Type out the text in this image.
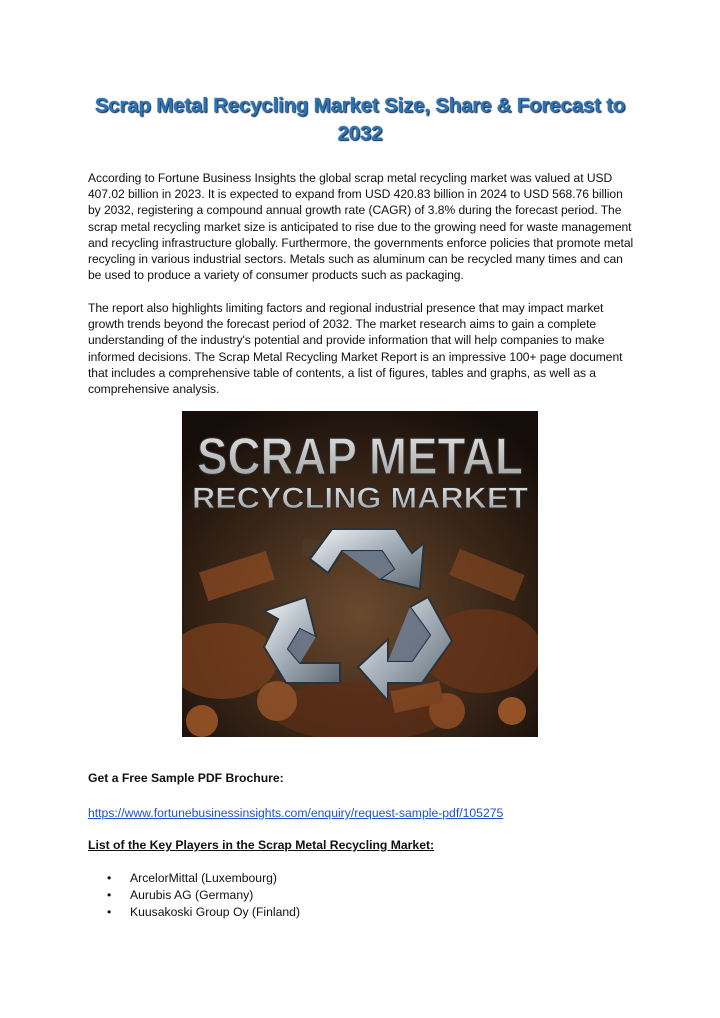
Scrap Metal Recycling Market Size, Share & Forecast to 2032

According to Fortune Business Insights the global scrap metal recycling market was valued at USD 407.02 billion in 2023. It is expected to expand from USD 420.83 billion in 2024 to USD 568.76 billion by 2032, registering a compound annual growth rate (CAGR) of 3.8% during the forecast period. The scrap metal recycling market size is anticipated to rise due to the growing need for waste management and recycling infrastructure globally. Furthermore, the governments enforce policies that promote metal recycling in various industrial sectors. Metals such as aluminum can be recycled many times and can be used to produce a variety of consumer products such as packaging.

The report also highlights limiting factors and regional industrial presence that may impact market growth trends beyond the forecast period of 2032. The market research aims to gain a complete understanding of the industry's potential and provide information that will help companies to make informed decisions. The Scrap Metal Recycling Market Report is an impressive 100+ page document that includes a comprehensive table of contents, a list of figures, tables and graphs, as well as a comprehensive analysis.

SCRAP METAL
RECYCLING MARKET

Get a Free Sample PDF Brochure:

https://www.fortunebusinessinsights.com/enquiry/request-sample-pdf/105275

List of the Key Players in the Scrap Metal Recycling Market:

• ArcelorMittal (Luxembourg)
• Aurubis AG (Germany)
• Kuusakoski Group Oy (Finland)
